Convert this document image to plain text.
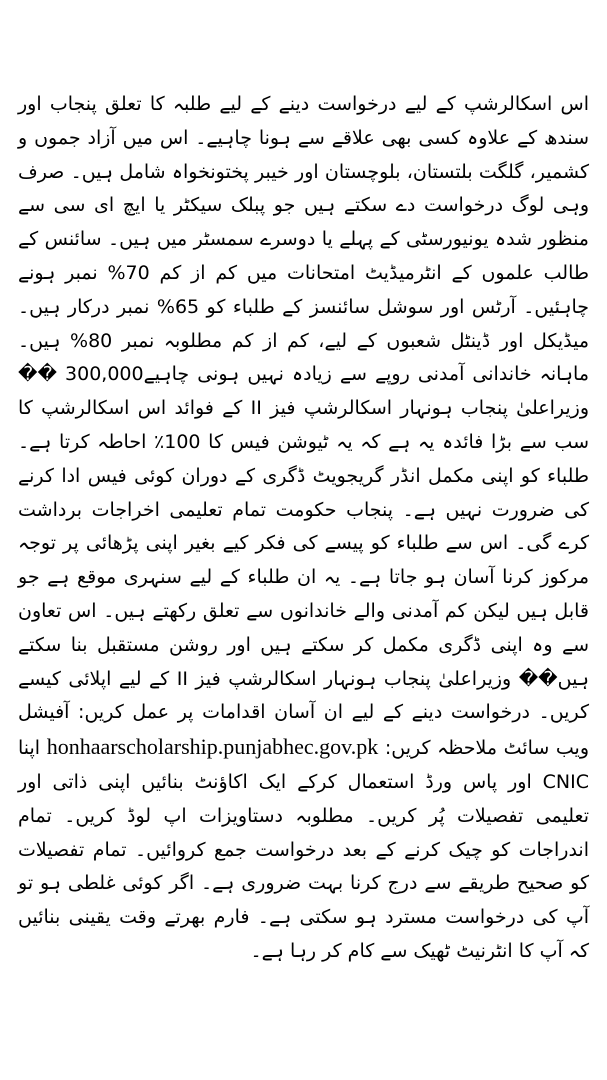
اس اسکالرشپ کے لیے درخواست دینے کے لیے طلبہ کا تعلق پنجاب اور سندھ کے علاوہ کسی بھی علاقے سے ہونا چاہیے۔ اس میں آزاد جموں و کشمیر، گلگت بلتستان، بلوچستان اور خیبر پختونخواہ شامل ہیں۔ صرف وہی لوگ درخواست دے سکتے ہیں جو پبلک سیکٹر یا ایچ ای سی سے منظور شدہ یونیورسٹی کے پہلے یا دوسرے سمسٹر میں ہیں۔ سائنس کے طالب علموں کے انٹرمیڈیٹ امتحانات میں کم از کم 70% نمبر ہونے چاہئیں۔ آرٹس اور سوشل سائنسز کے طلباء کو 65% نمبر درکار ہیں۔ میڈیکل اور ڈینٹل شعبوں کے لیے، کم از کم مطلوبہ نمبر 80% ہیں۔ ماہانہ خاندانی آمدنی روپے سے زیادہ نہیں ہونی چاہیے300,000 �� وزیراعلیٰ پنجاب ہونہار اسکالرشپ فیز II کے فوائد اس اسکالرشپ کا سب سے بڑا فائدہ یہ ہے کہ یہ ٹیوشن فیس کا 100٪ احاطہ کرتا ہے۔ طلباء کو اپنی مکمل انڈر گریجویٹ ڈگری کے دوران کوئی فیس ادا کرنے کی ضرورت نہیں ہے۔ پنجاب حکومت تمام تعلیمی اخراجات برداشت کرے گی۔ اس سے طلباء کو پیسے کی فکر کیے بغیر اپنی پڑھائی پر توجہ مرکوز کرنا آسان ہو جاتا ہے۔ یہ ان طلباء کے لیے سنہری موقع ہے جو قابل ہیں لیکن کم آمدنی والے خاندانوں سے تعلق رکھتے ہیں۔ اس تعاون سے وہ اپنی ڈگری مکمل کر سکتے ہیں اور روشن مستقبل بنا سکتے ہیں�� وزیراعلیٰ پنجاب ہونہار اسکالرشپ فیز II کے لیے اپلائی کیسے کریں۔ درخواست دینے کے لیے ان آسان اقدامات پر عمل کریں: آفیشل ویب سائٹ ملاحظہ کریں: honhaarscholarship.punjabhec.gov.pk اپنا CNIC اور پاس ورڈ استعمال کرکے ایک اکاؤنٹ بنائیں اپنی ذاتی اور تعلیمی تفصیلات پُر کریں۔ مطلوبہ دستاویزات اپ لوڈ کریں۔ تمام اندراجات کو چیک کرنے کے بعد درخواست جمع کروائیں۔ تمام تفصیلات کو صحیح طریقے سے درج کرنا بہت ضروری ہے۔ اگر کوئی غلطی ہو تو آپ کی درخواست مسترد ہو سکتی ہے۔ فارم بھرتے وقت یقینی بنائیں کہ آپ کا انٹرنیٹ ٹھیک سے کام کر رہا ہے۔
